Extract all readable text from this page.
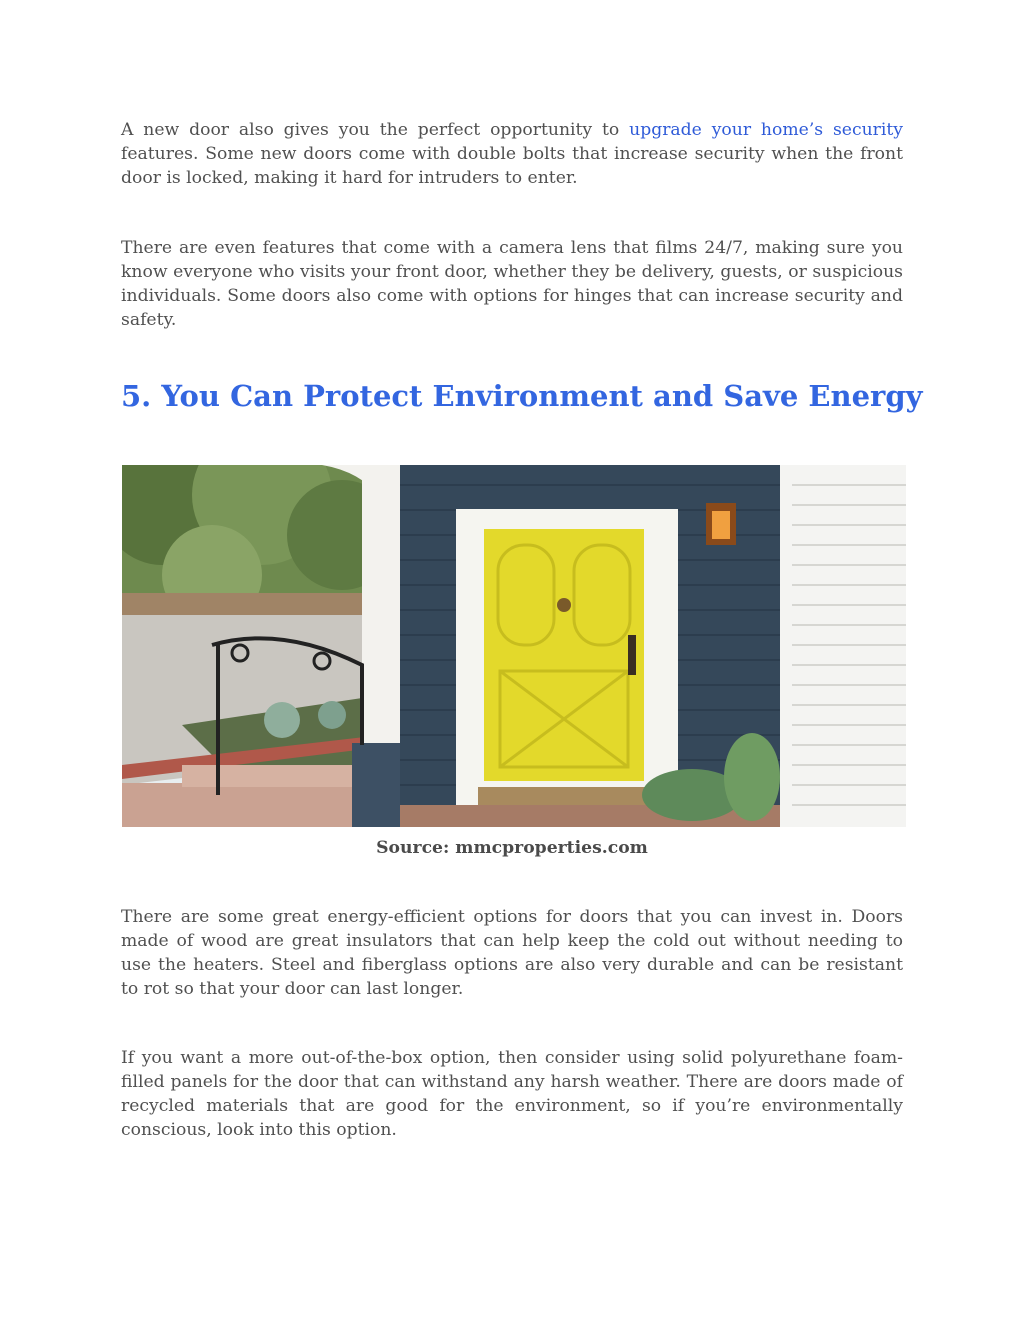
A new door also gives you the perfect opportunity to upgrade your home’s security features. Some new doors come with double bolts that increase security when the front door is locked, making it hard for intruders to enter.

There are even features that come with a camera lens that films 24/7, making sure you know everyone who visits your front door, whether they be delivery, guests, or suspicious individuals. Some doors also come with options for hinges that can increase security and safety.

5. You Can Protect Environment and Save Energy
Source: mmcproperties.com

There are some great energy-efficient options for doors that you can invest in. Doors made of wood are great insulators that can help keep the cold out without needing to use the heaters. Steel and fiberglass options are also very durable and can be resistant to rot so that your door can last longer.

If you want a more out-of-the-box option, then consider using solid polyurethane foam-filled panels for the door that can withstand any harsh weather. There are doors made of recycled materials that are good for the environment, so if you’re environmentally conscious, look into this option.
